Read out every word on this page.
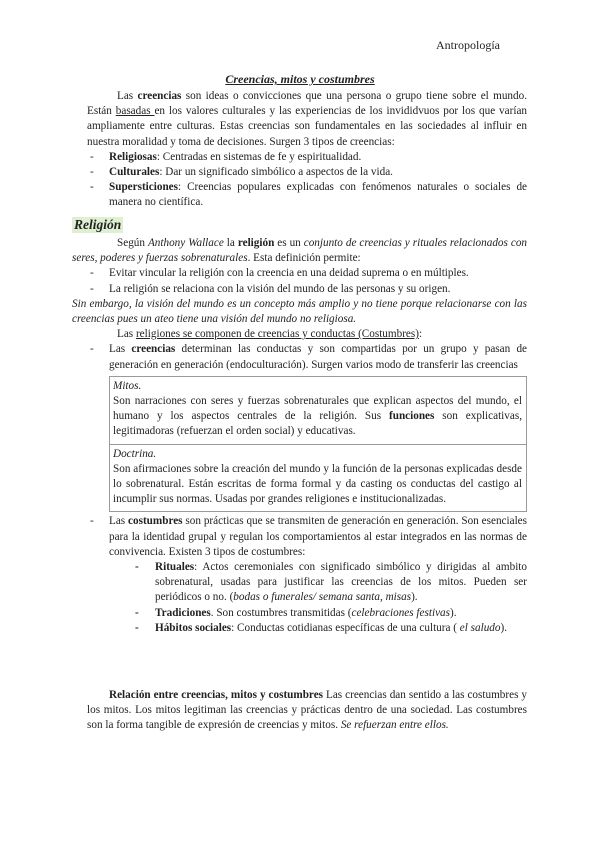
Antropología
Creencias, mitos y costumbres

Las creencias son ideas o convicciones que una persona o grupo tiene sobre el mundo. Están basadas en los valores culturales y las experiencias de los invididvuos por los que varían ampliamente entre culturas. Estas creencias son fundamentales en las sociedades al influir en nuestra moralidad y toma de decisiones. Surgen 3 tipos de creencias:

- Religiosas: Centradas en sistemas de fe y espiritualidad.
- Culturales: Dar un significado simbólico a aspectos de la vida.
- Supersticiones: Creencias populares explicadas con fenómenos naturales o sociales de manera no científica.
Religión

Según Anthony Wallace la religión es un conjunto de creencias y rituales relacionados con seres, poderes y fuerzas sobrenaturales. Esta definición permite:

- Evitar vincular la religión con la creencia en una deidad suprema o en múltiples.
- La religión se relaciona con la visión del mundo de las personas y su origen.

Sin embargo, la visión del mundo es un concepto más amplio y no tiene porque relacionarse con las creencias pues un ateo tiene una visión del mundo no religiosa.

Las religiones se componen de creencias y conductas (Costumbres):

- Las creencias determinan las conductas y son compartidas por un grupo y pasan de generación en generación (endoculturación). Surgen varios modo de transferir las creencias
Mitos.
Son narraciones con seres y fuerzas sobrenaturales que explican aspectos del mundo, el humano y los aspectos centrales de la religión. Sus funciones son explicativas, legitimadoras (refuerzan el orden social) y educativas.
Doctrina.
Son afirmaciones sobre la creación del mundo y la función de la personas explicadas desde lo sobrenatural. Están escritas de forma formal y da casting os conductas del castigo al incumplir sus normas. Usadas por grandes religiones e institucionalizadas.
- Las costumbres son prácticas que se transmiten de generación en generación. Son esenciales para la identidad grupal y regulan los comportamientos al estar integrados en las normas de convivencia. Existen 3 tipos de costumbres:
- Rituales: Actos ceremoniales con significado simbólico y dirigidas al ambito sobrenatural, usadas para justificar las creencias de los mitos. Pueden ser periódicos o no. (bodas o funerales/ semana santa, misas).
- Tradiciones. Son costumbres transmitidas (celebraciones festivas).
- Hábitos sociales: Conductas cotidianas específicas de una cultura ( el saludo).

Relación entre creencias, mitos y costumbres Las creencias dan sentido a las costumbres y los mitos. Los mitos legitiman las creencias y prácticas dentro de una sociedad. Las costumbres son la forma tangible de expresión de creencias y mitos. Se refuerzan entre ellos.
